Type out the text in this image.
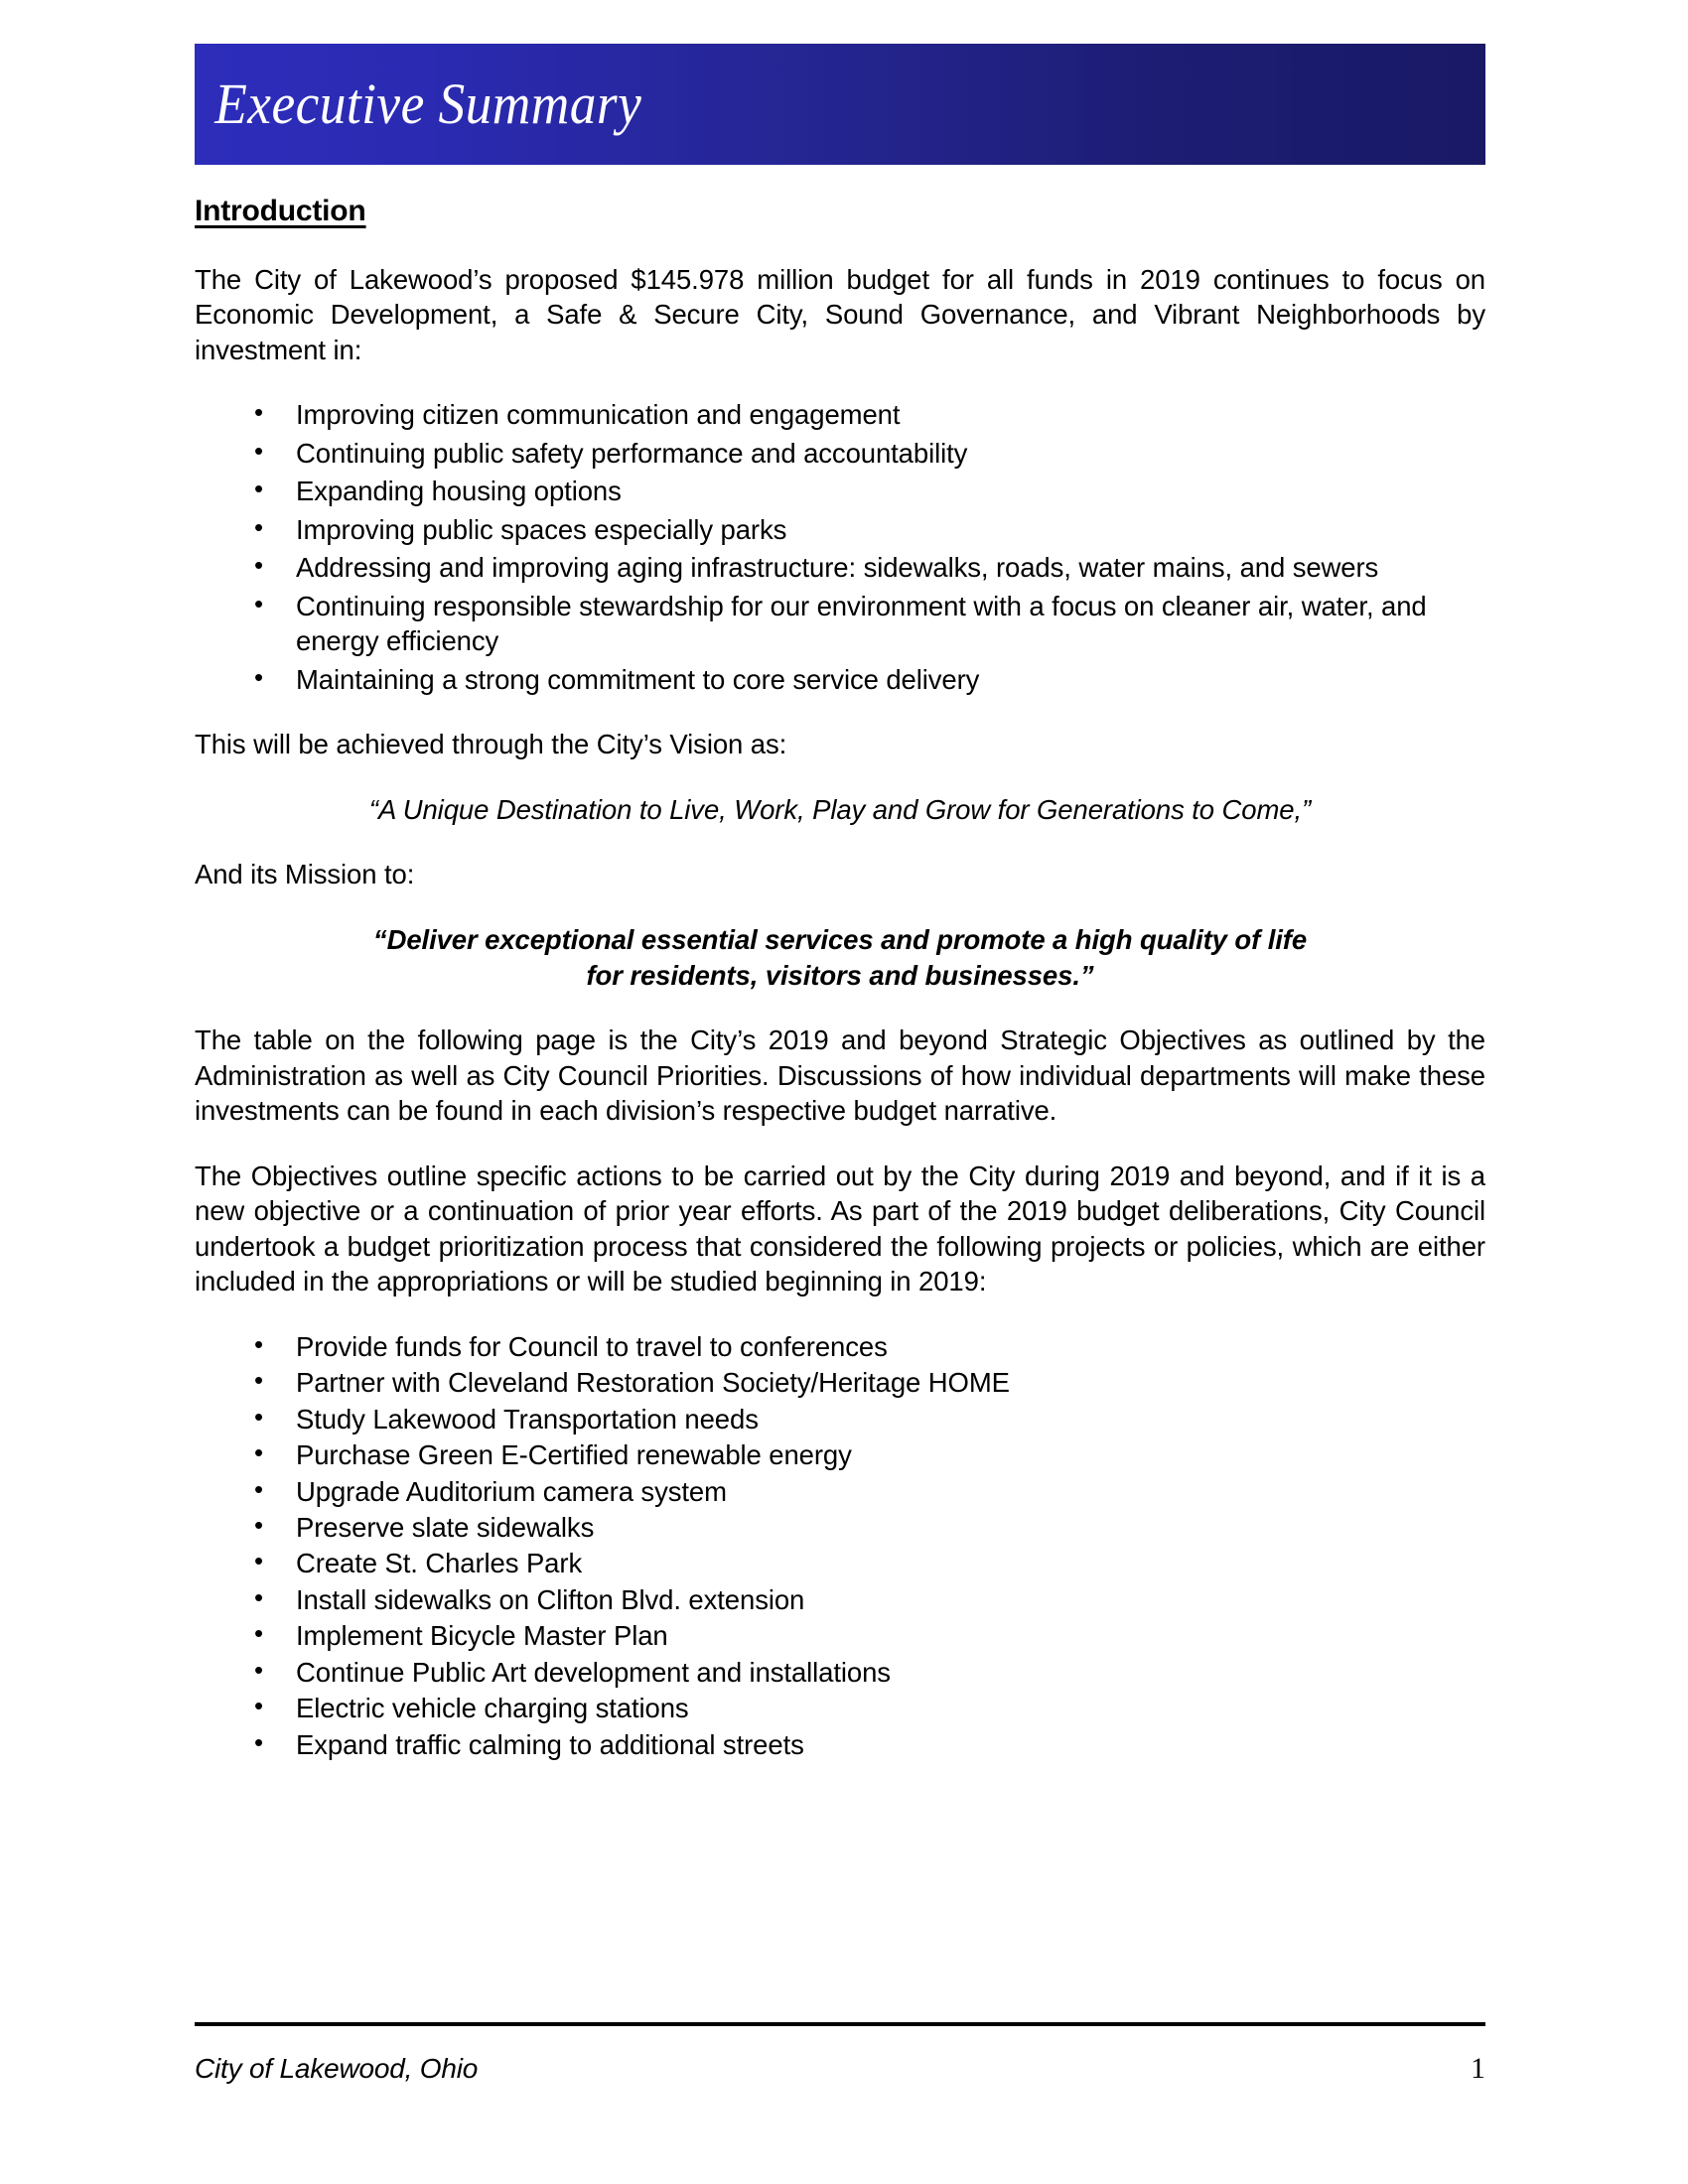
Executive Summary
Introduction

The City of Lakewood’s proposed $145.978 million budget for all funds in 2019 continues to focus on Economic Development, a Safe & Secure City, Sound Governance, and Vibrant Neighborhoods by investment in:

• Improving citizen communication and engagement
• Continuing public safety performance and accountability
• Expanding housing options
• Improving public spaces especially parks
• Addressing and improving aging infrastructure: sidewalks, roads, water mains, and sewers
• Continuing responsible stewardship for our environment with a focus on cleaner air, water, and energy efficiency
• Maintaining a strong commitment to core service delivery

This will be achieved through the City’s Vision as:

“A Unique Destination to Live, Work, Play and Grow for Generations to Come,”

And its Mission to:

“Deliver exceptional essential services and promote a high quality of life
for residents, visitors and businesses.”

The table on the following page is the City’s 2019 and beyond Strategic Objectives as outlined by the Administration as well as City Council Priorities. Discussions of how individual departments will make these investments can be found in each division’s respective budget narrative.

The Objectives outline specific actions to be carried out by the City during 2019 and beyond, and if it is a new objective or a continuation of prior year efforts. As part of the 2019 budget deliberations, City Council undertook a budget prioritization process that considered the following projects or policies, which are either included in the appropriations or will be studied beginning in 2019:

• Provide funds for Council to travel to conferences
• Partner with Cleveland Restoration Society/Heritage HOME
• Study Lakewood Transportation needs
• Purchase Green E-Certified renewable energy
• Upgrade Auditorium camera system
• Preserve slate sidewalks
• Create St. Charles Park
• Install sidewalks on Clifton Blvd. extension
• Implement Bicycle Master Plan
• Continue Public Art development and installations
• Electric vehicle charging stations
• Expand traffic calming to additional streets
City of Lakewood, Ohio	1
